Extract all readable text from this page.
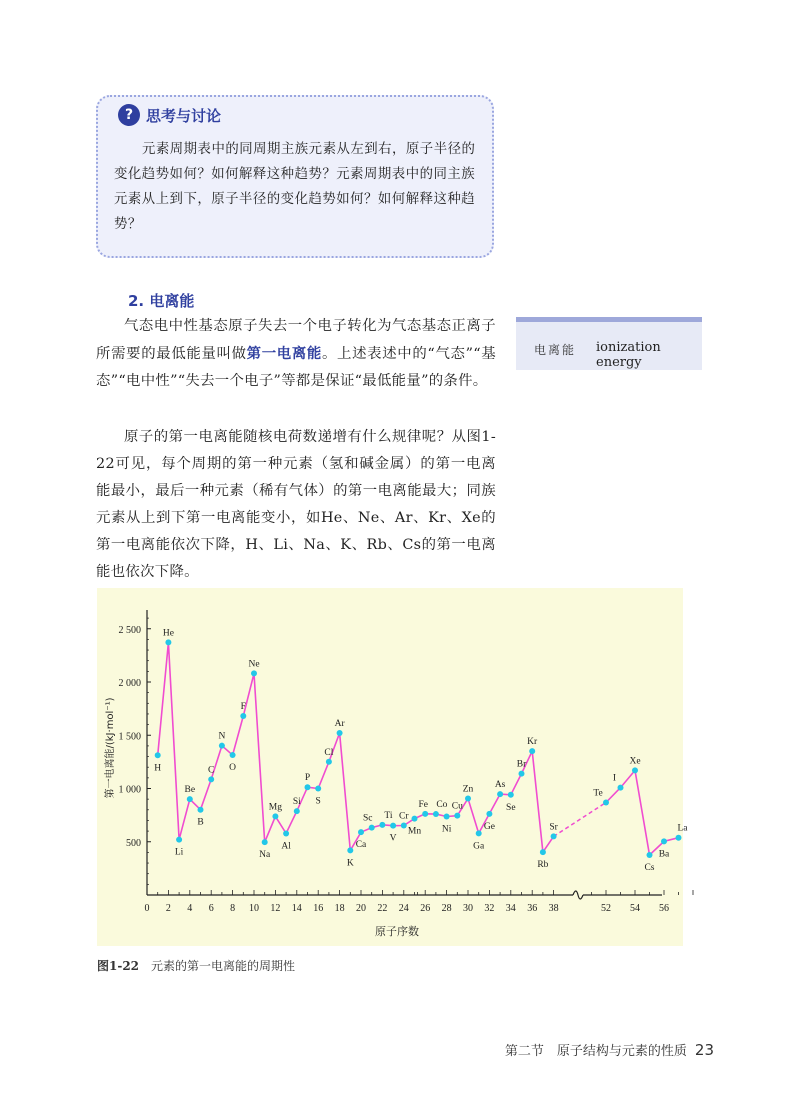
? 思考与讨论

元素周期表中的同周期主族元素从左到右，原子半径的变化趋势如何？如何解释这种趋势？元素周期表中的同主族元素从上到下，原子半径的变化趋势如何？如何解释这种趋势？

2. 电离能

气态电中性基态原子失去一个电子转化为气态基态正离子所需要的最低能量叫做第一电离能。上述表述中的“气态”“基态”“电中性”“失去一个电子”等都是保证“最低能量”的条件。

原子的第一电离能随核电荷数递增有什么规律呢？从图1-22可见，每个周期的第一种元素（氢和碱金属）的第一电离能最小，最后一种元素（稀有气体）的第一电离能最大；同族元素从上到下第一电离能变小，如He、Ne、Ar、Kr、Xe的第一电离能依次下降，H、Li、Na、K、Rb、Cs的第一电离能也依次下降。

电离能 ionization energy
500
1 000
1 500
2 000
2 500
0 2 4 6 8 10 12 14 16 18 20 22 24 26 28 30 32 34 36 38	52 54 56
原子序数
第一电离能/(kJ·mol⁻¹)	H
He
Li
Be
B
C
N
O
F
Ne
Na
Mg
Al
Si
P
S
Cl
Ar
K
Ca
Sc Ti
V
Cr
Mn
Fe Co
Ni
Cu
Zn
Ga
Ge
As
Se
Br
Kr
Rb
Sr
Te
I
Xe
Cs
Ba
La
图1-22　 元素的第一电离能的周期性
第二节　原子结构与元素的性质 23
